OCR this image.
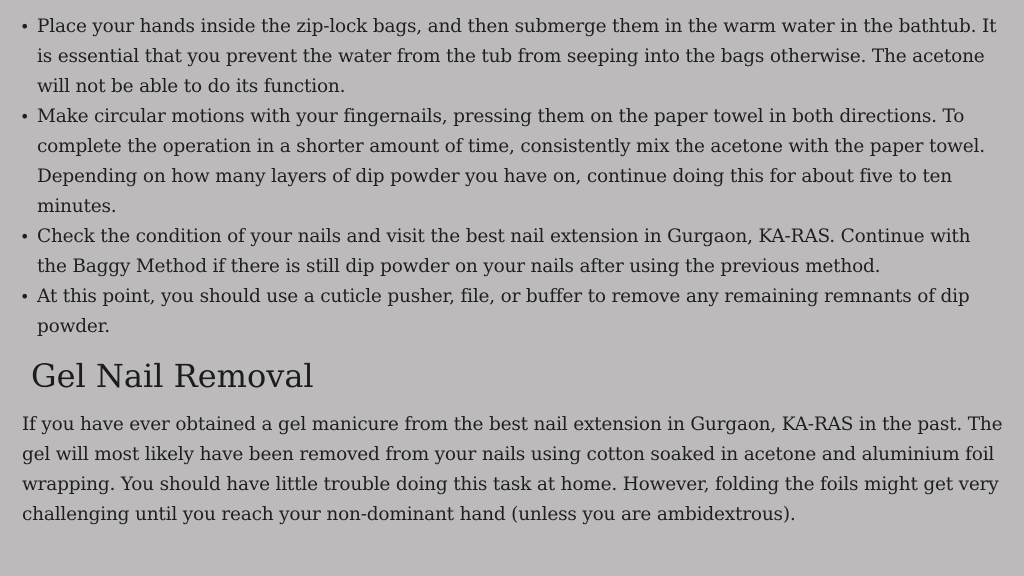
• Place your hands inside the zip-lock bags, and then submerge them in the warm water in the bathtub. It is essential that you prevent the water from the tub from seeping into the bags otherwise. The acetone will not be able to do its function.
• Make circular motions with your fingernails, pressing them on the paper towel in both directions. To complete the operation in a shorter amount of time, consistently mix the acetone with the paper towel. Depending on how many layers of dip powder you have on, continue doing this for about five to ten minutes.
• Check the condition of your nails and visit the best nail extension in Gurgaon, KA-RAS. Continue with the Baggy Method if there is still dip powder on your nails after using the previous method.
• At this point, you should use a cuticle pusher, file, or buffer to remove any remaining remnants of dip powder.
Gel Nail Removal

If you have ever obtained a gel manicure from the best nail extension in Gurgaon, KA-RAS in the past. The gel will most likely have been removed from your nails using cotton soaked in acetone and aluminium foil wrapping. You should have little trouble doing this task at home. However, folding the foils might get very challenging until you reach your non-dominant hand (unless you are ambidextrous).
